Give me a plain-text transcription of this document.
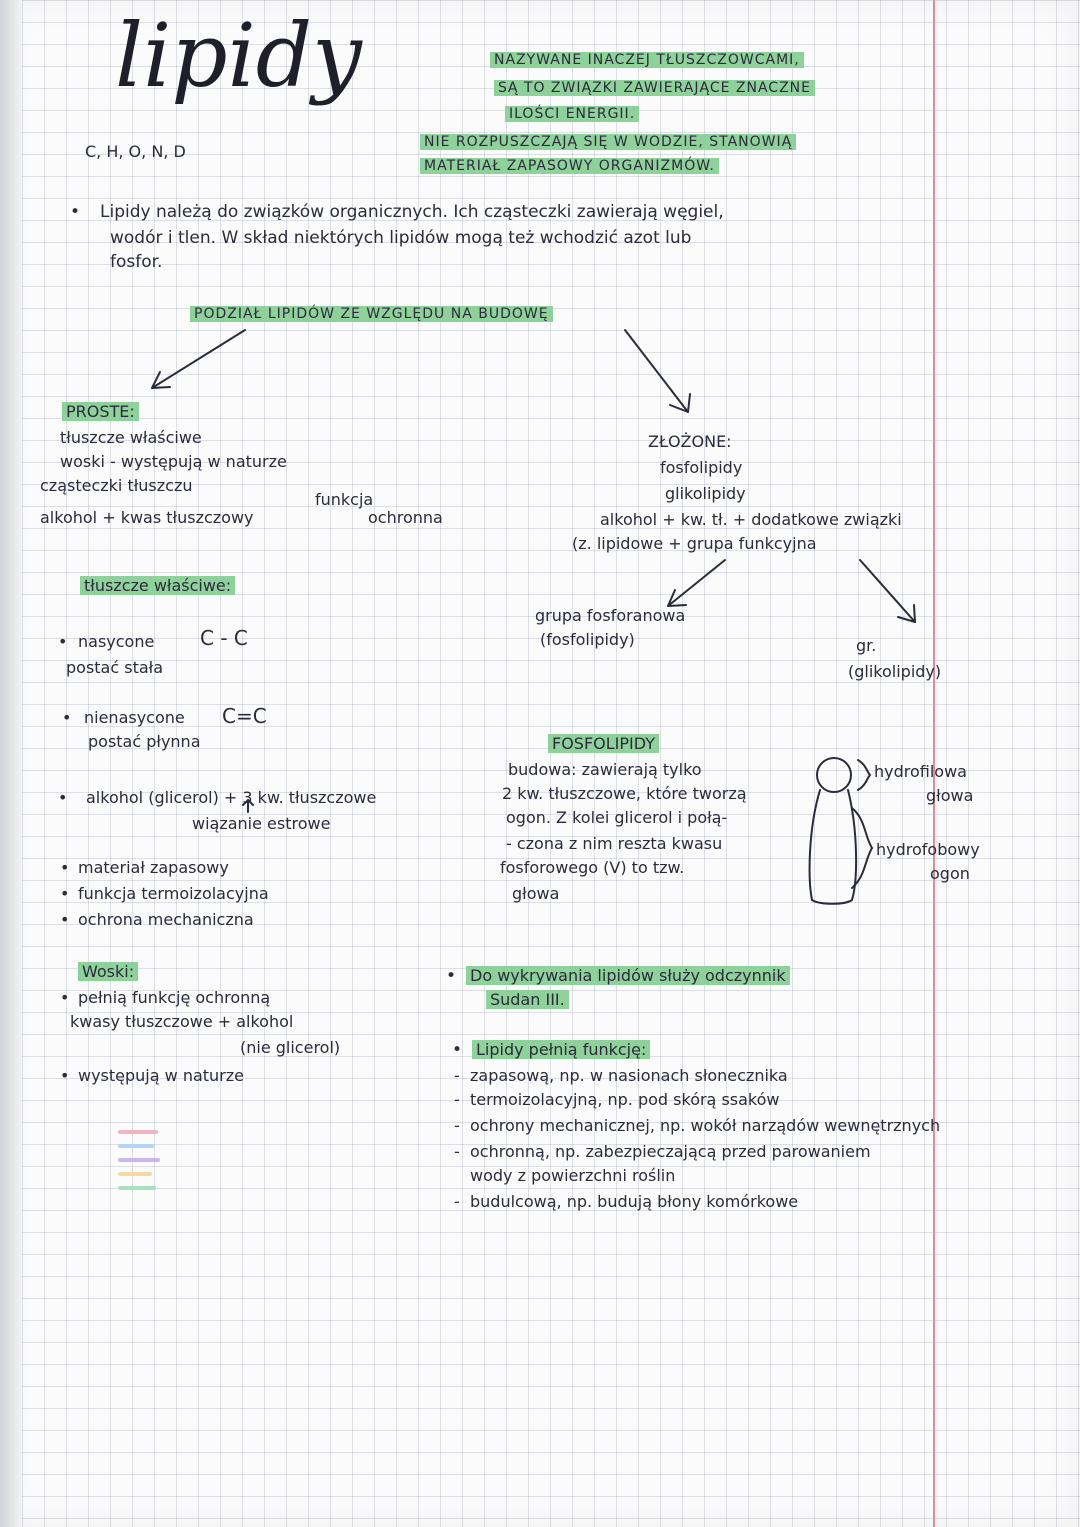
lipidy
C, H, O, N, D
NAZYWANE INACZEJ TŁUSZCZOWCAMI,
SĄ TO ZWIĄZKI ZAWIERAJĄCE ZNACZNE
ILOŚCI ENERGII.
NIE ROZPUSZCZAJĄ SIĘ W WODZIE, STANOWIĄ
MATERIAŁ ZAPASOWY ORGANIZMÓW.
• Lipidy należą do związków organicznych. Ich cząsteczki zawierają węgiel,
wodór i tlen. W skład niektórych lipidów mogą też wchodzić azot lub
fosfor.
PODZIAŁ LIPIDÓW ZE WZGLĘDU NA BUDOWĘ
PROSTE:
tłuszcze właściwe
woski - występują w naturze
cząsteczki tłuszczu
alkohol + kwas tłuszczowy
funkcja
ochronna
ZŁOŻONE:
fosfolipidy
glikolipidy
alkohol + kw. tł. + dodatkowe związki
(z. lipidowe + grupa funkcyjna
grupa fosforanowa
(fosfolipidy)	gr.
(glikolipidy)
tłuszcze właściwe:
• nasycone C - C
postać stała
• nienasycone C=C
postać płynna
• alkohol (glicerol) + 3 kw. tłuszczowe
wiązanie estrowe
• materiał zapasowy
• funkcja termoizolacyjna
• ochrona mechaniczna
FOSFOLIPIDY
budowa: zawierają tylko
2 kw. tłuszczowe, które tworzą
ogon. Z kolei glicerol i połą-
- czona z nim reszta kwasu
fosforowego (V) to tzw.
głowa
hydrofilowa
głowa
hydrofobowy
ogon
Woski:
• pełnią funkcję ochronną
kwasy tłuszczowe + alkohol
(nie glicerol)
• występują w naturze
• Do wykrywania lipidów służy odczynnik
Sudan III.
• Lipidy pełnią funkcję:
- zapasową, np. w nasionach słonecznika
- termoizolacyjną, np. pod skórą ssaków
- ochrony mechanicznej, np. wokół narządów wewnętrznych
- ochronną, np. zabezpieczającą przed parowaniem
wody z powierzchni roślin
- budulcową, np. budują błony komórkowe
